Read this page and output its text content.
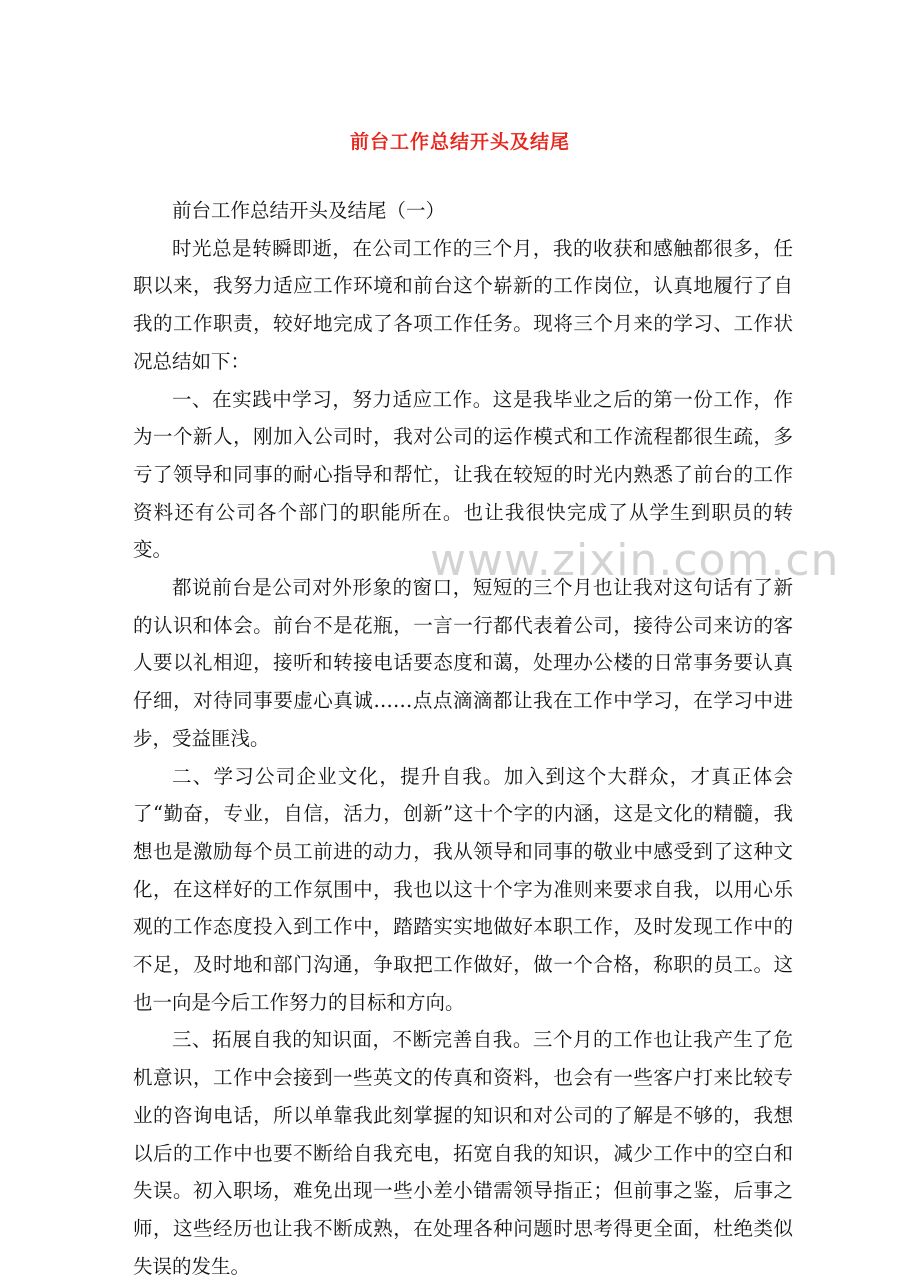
前台工作总结开头及结尾
www.zixin.com.cn

前台工作总结开头及结尾（一）

时光总是转瞬即逝，在公司工作的三个月，我的收获和感触都很多，任职以来，我努力适应工作环境和前台这个崭新的工作岗位，认真地履行了自我的工作职责，较好地完成了各项工作任务。现将三个月来的学习、工作状况总结如下：

一、在实践中学习，努力适应工作。这是我毕业之后的第一份工作，作为一个新人，刚加入公司时，我对公司的运作模式和工作流程都很生疏，多亏了领导和同事的耐心指导和帮忙，让我在较短的时光内熟悉了前台的工作资料还有公司各个部门的职能所在。也让我很快完成了从学生到职员的转变。

都说前台是公司对外形象的窗口，短短的三个月也让我对这句话有了新的认识和体会。前台不是花瓶，一言一行都代表着公司，接待公司来访的客人要以礼相迎，接听和转接电话要态度和蔼，处理办公楼的日常事务要认真仔细，对待同事要虚心真诚……点点滴滴都让我在工作中学习，在学习中进步，受益匪浅。

二、学习公司企业文化，提升自我。加入到这个大群众，才真正体会了“勤奋，专业，自信，活力，创新”这十个字的内涵，这是文化的精髓，我想也是激励每个员工前进的动力，我从领导和同事的敬业中感受到了这种文化，在这样好的工作氛围中，我也以这十个字为准则来要求自我，以用心乐观的工作态度投入到工作中，踏踏实实地做好本职工作，及时发现工作中的不足，及时地和部门沟通，争取把工作做好，做一个合格，称职的员工。这也一向是今后工作努力的目标和方向。

三、拓展自我的知识面，不断完善自我。三个月的工作也让我产生了危机意识，工作中会接到一些英文的传真和资料，也会有一些客户打来比较专业的咨询电话，所以单靠我此刻掌握的知识和对公司的了解是不够的，我想以后的工作中也要不断给自我充电，拓宽自我的知识，减少工作中的空白和失误。初入职场，难免出现一些小差小错需领导指正；但前事之鉴，后事之师，这些经历也让我不断成熟，在处理各种问题时思考得更全面，杜绝类似失误的发生。
